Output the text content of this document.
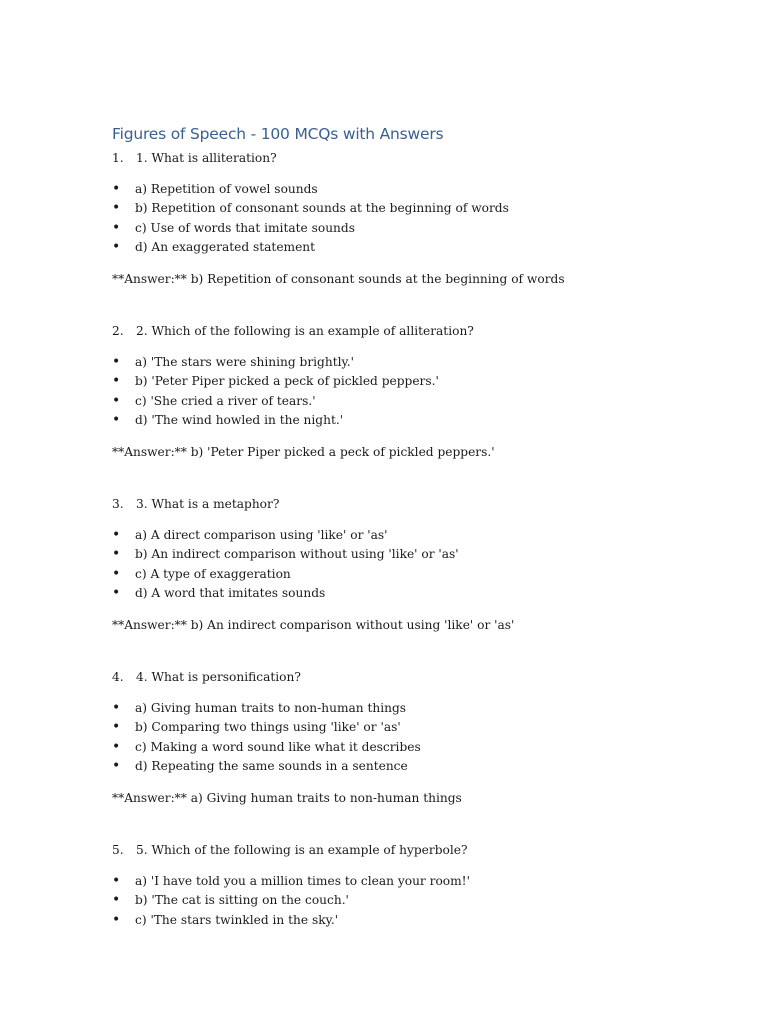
Figures of Speech - 100 MCQs with Answers
1. 1. What is alliteration?
• a) Repetition of vowel sounds
• b) Repetition of consonant sounds at the beginning of words
• c) Use of words that imitate sounds
• d) An exaggerated statement
**Answer:** b) Repetition of consonant sounds at the beginning of words
2. 2. Which of the following is an example of alliteration?
• a) 'The stars were shining brightly.'
• b) 'Peter Piper picked a peck of pickled peppers.'
• c) 'She cried a river of tears.'
• d) 'The wind howled in the night.'
**Answer:** b) 'Peter Piper picked a peck of pickled peppers.'
3. 3. What is a metaphor?
• a) A direct comparison using 'like' or 'as'
• b) An indirect comparison without using 'like' or 'as'
• c) A type of exaggeration
• d) A word that imitates sounds
**Answer:** b) An indirect comparison without using 'like' or 'as'
4. 4. What is personification?
• a) Giving human traits to non-human things
• b) Comparing two things using 'like' or 'as'
• c) Making a word sound like what it describes
• d) Repeating the same sounds in a sentence
**Answer:** a) Giving human traits to non-human things
5. 5. Which of the following is an example of hyperbole?
• a) 'I have told you a million times to clean your room!'
• b) 'The cat is sitting on the couch.'
• c) 'The stars twinkled in the sky.'
